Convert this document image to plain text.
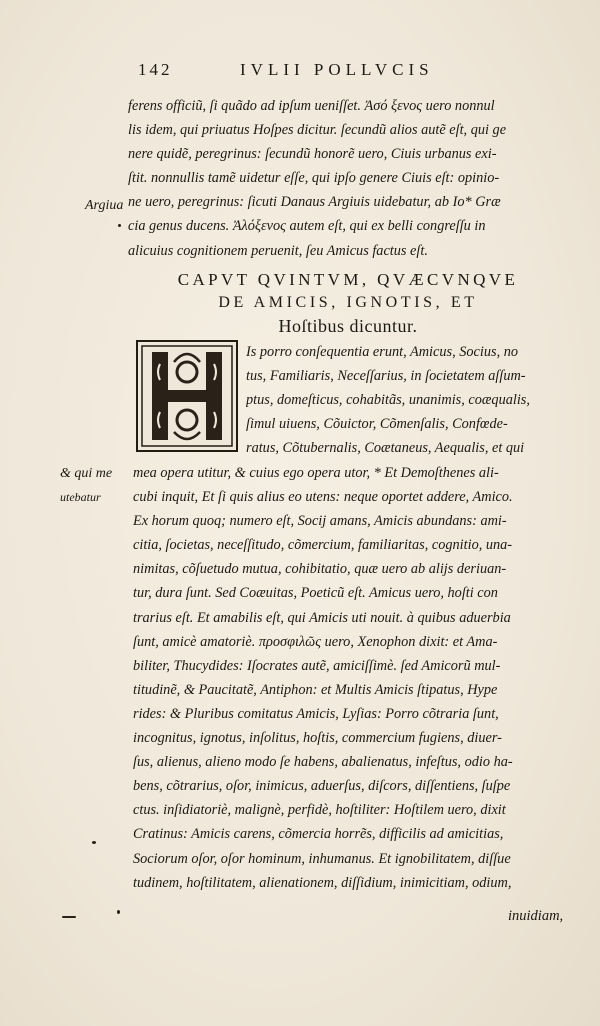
142	IVLII POLLVCIS
ferens officiũ, ſi quãdo ad ipſum ueniſſet. Ἀσό ξενος uero nonnul
lis idem, qui priuatus Hoſpes dicitur. ſecundũ alios autẽ eſt, qui ge
nere quidẽ, peregrinus: ſecundũ honorẽ uero, Ciuis urbanus exi-
ſtit. nonnullis tamẽ uidetur eſſe, qui ipſo genere Ciuis eſt: opinio-
ne uero, peregrinus: ſicuti Danaus Argiuis uidebatur, ab Io* Græ
cia genus ducens. Ἀλόξενος autem eſt, qui ex belli congreſſu in
alicuius cognitionem peruenit, ſeu Amicus factus eſt.
Argiua
CAPVT QVINTVM, QVÆCVNQVE
DE AMICIS, IGNOTIS, ET
Hoſtibus dicuntur.
Is porro conſequentia erunt, Amicus, Socius, no
tus, Familiaris, Neceſſarius, in ſocietatem aſſum-
ptus, domeſticus, cohabitãs, unanimis, coæqualis,
ſimul uiuens, Cõuictor, Cõmenſalis, Confœde-
ratus, Cõtubernalis, Coætaneus, Aequalis, et qui
& qui me
utebatur
mea opera utitur, & cuius ego opera utor, * Et Demoſthenes ali-
cubi inquit, Et ſi quis alius eo utens: neque oportet addere, Amico.
Ex horum quoq; numero eſt, Socij amans, Amicis abundans: ami-
citia, ſocietas, neceſſitudo, cõmercium, familiaritas, cognitio, una-
nimitas, cõſuetudo mutua, cohibitatio, quæ uero ab alijs deriuan-
tur, dura ſunt. Sed Coæuitas, Poeticũ eſt. Amicus uero, hoſti con
trarius eſt. Et amabilis eſt, qui Amicis uti nouit. à quibus aduerbia
ſunt, amicè amatoriè. προσφιλῶς uero, Xenophon dixit: et Ama-
biliter, Thucydides: Iſocrates autẽ, amiciſſimè. ſed Amicorũ mul-
titudinẽ, & Paucitatẽ, Antiphon: et Multis Amicis ſtipatus, Hype
rides: & Pluribus comitatus Amicis, Lyſias: Porro cõtraria ſunt,
incognitus, ignotus, inſolitus, hoſtis, commercium fugiens, diuer-
ſus, alienus, alieno modo ſe habens, abalienatus, infeſtus, odio ha-
bens, cõtrarius, oſor, inimicus, aduerſus, diſcors, diſſentiens, ſuſpe
ctus. inſidiatoriè, malignè, perfidè, hoſtiliter: Hoſtilem uero, dixit
Cratinus: Amicis carens, cõmercia horrẽs, difficilis ad amicitias,
Sociorum oſor, oſor hominum, inhumanus. Et ignobilitatem, diſſue
tudinem, hoſtilitatem, alienationem, diſſidium, inimicitiam, odium,
inuidiam,
